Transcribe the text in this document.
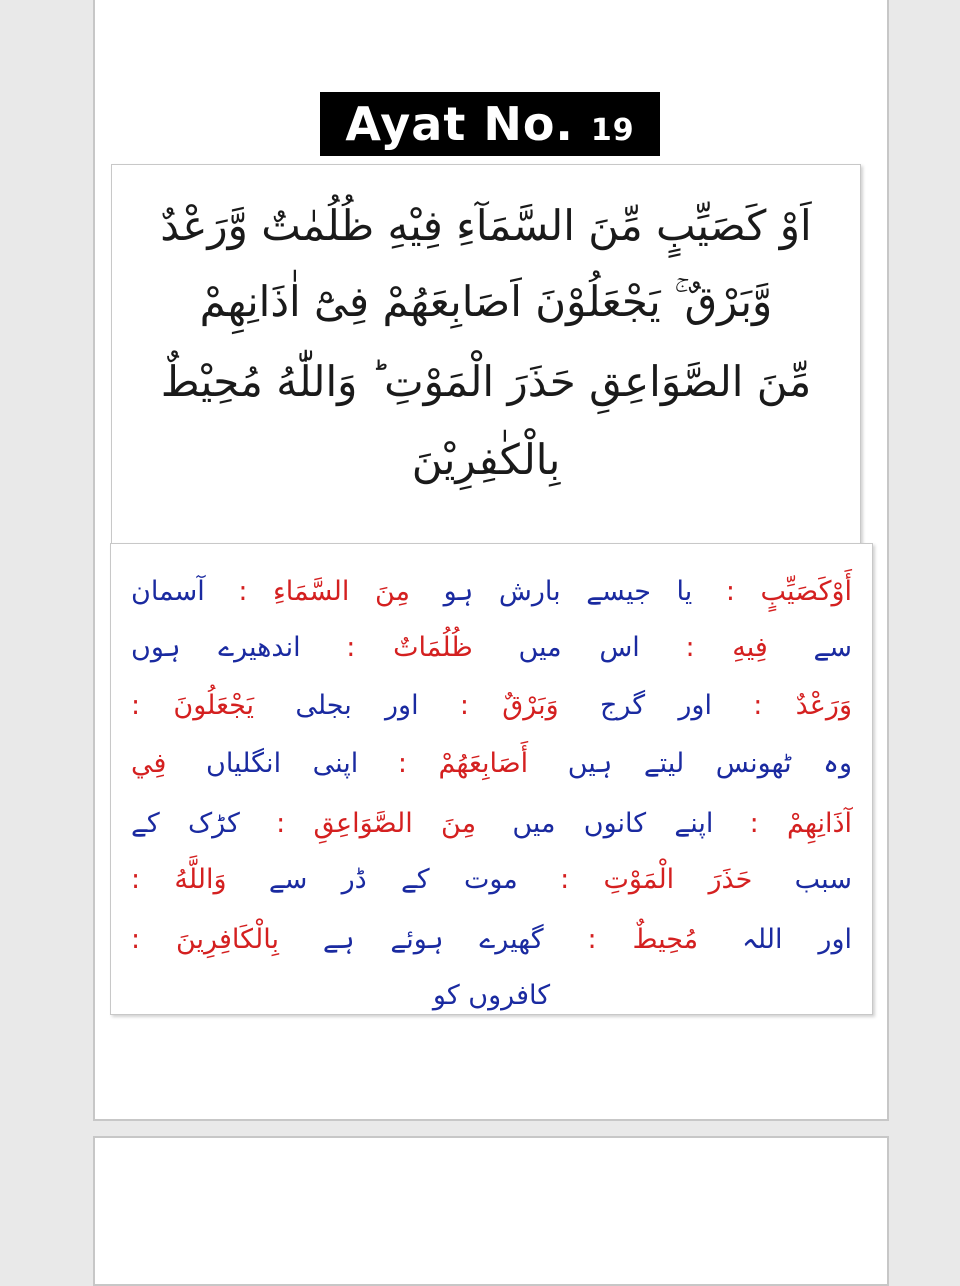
Ayat No. 19
اَوْ كَصَيِّبٍ مِّنَ السَّمَآءِ فِيْهِ ظُلُمٰتٌ وَّرَعْدٌ
وَّبَرْقٌ ۚ يَجْعَلُوْنَ اَصَابِعَهُمْ فِىْٓ اٰذَانِهِمْ
مِّنَ الصَّوَاعِقِ حَذَرَ الْمَوْتِ ؕ وَاللّٰهُ مُحِيْطٌ
بِالْكٰفِرِيْنَ
أَوْكَصَيِّبٍ : یا جیسے بارش ہو مِنَ السَّمَاءِ : آسمان
سے فِيهِ : اس میں ظُلُمَاتٌ : اندھیرے ہوں
وَرَعْدٌ : اور گرج وَبَرْقٌ : اور بجلی يَجْعَلُونَ :
وہ ٹھونس لیتے ہیں أَصَابِعَهُمْ : اپنی انگلیاں فِي
آذَانِهِمْ : اپنے کانوں میں مِنَ الصَّوَاعِقِ : کڑک کے
سبب حَذَرَ الْمَوْتِ : موت کے ڈر سے وَاللَّهُ :
اور اللہ مُحِيطٌ : گھیرے ہوئے ہے بِالْكَافِرِينَ :
کافروں کو
